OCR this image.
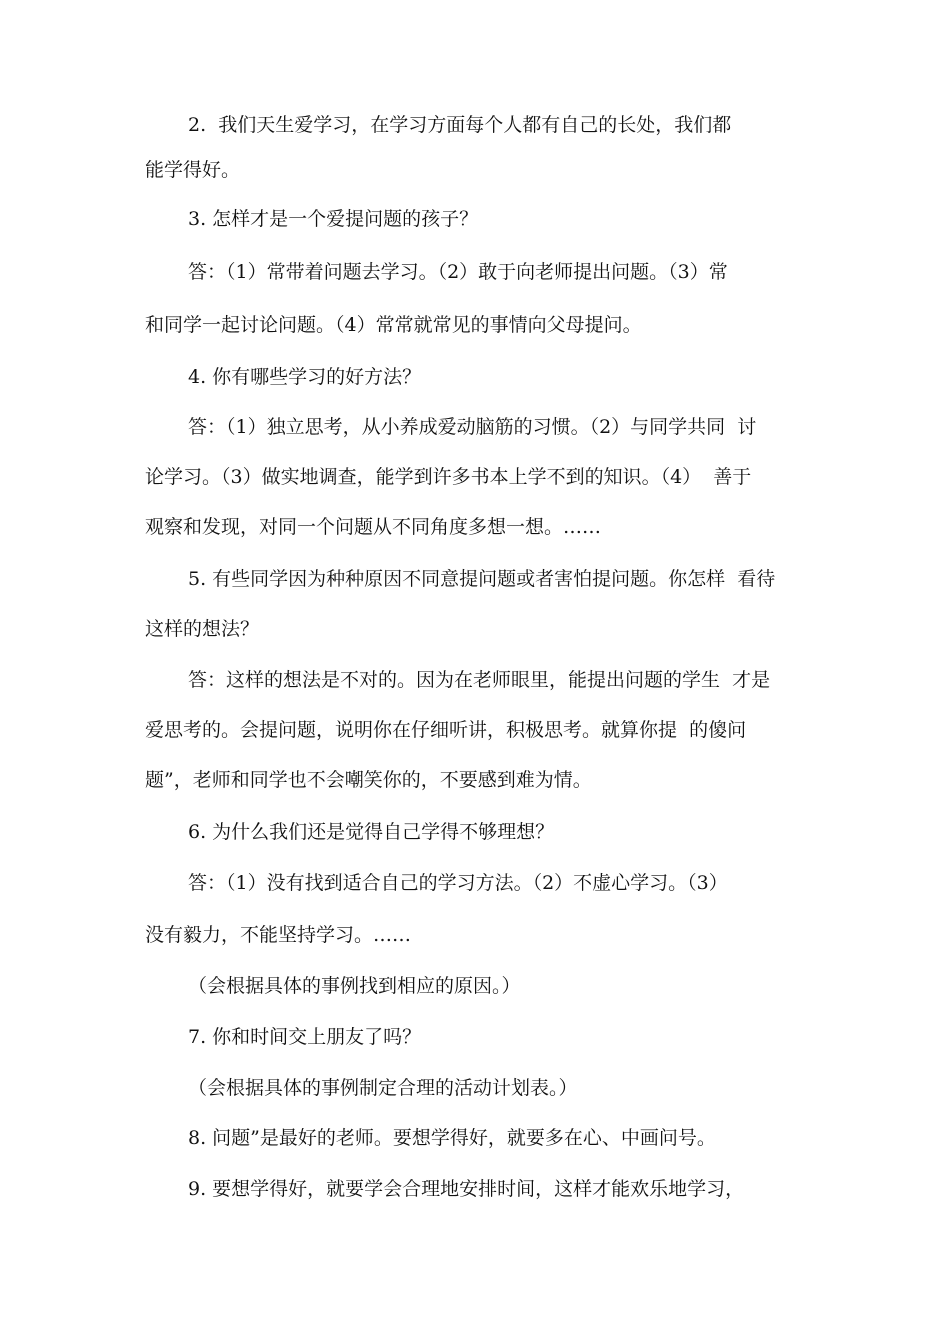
2.  我们天生爱学习，在学习方面每个人都有自己的长处，我们都
能学得好。
3. 怎样才是一个爱提问题的孩子？
答：（1）常带着问题去学习。（2）敢于向老师提出问题。（3）常
和同学一起讨论问题。（4）常常就常见的事情向父母提问。
4. 你有哪些学习的好方法？
答：（1）独立思考，从小养成爱动脑筋的习惯。（2）与同学共同  讨
论学习。（3）做实地调查，能学到许多书本上学不到的知识。（4）  善于
观察和发现，对同一个问题从不同角度多想一想。……
5. 有些同学因为种种原因不同意提问题或者害怕提问题。你怎样  看待
这样的想法？
答：这样的想法是不对的。因为在老师眼里，能提出问题的学生  才是
爱思考的。会提问题，说明你在仔细听讲，积极思考。就算你提  的傻问
题”，老师和同学也不会嘲笑你的，不要感到难为情。
6. 为什么我们还是觉得自己学得不够理想？
答：（1）没有找到适合自己的学习方法。（2）不虚心学习。（3）
没有毅力，不能坚持学习。……
（会根据具体的事例找到相应的原因。）
7. 你和时间交上朋友了吗？
（会根据具体的事例制定合理的活动计划表。）
8. 问题”是最好的老师。要想学得好，就要多在心、中画问号。
9. 要想学得好，就要学会合理地安排时间，这样才能欢乐地学习，
